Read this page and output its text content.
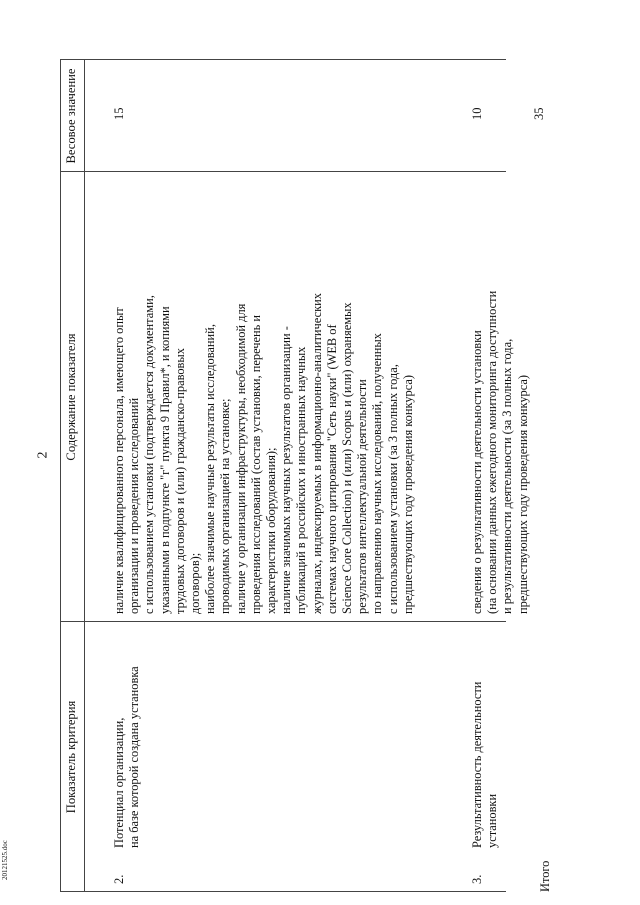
2
20121525.doc
Показатель критерия
Содержание показателя
Весовое значение
2.
Потенциал организации,
на базе которой создана установка
наличие квалифицированного персонала, имеющего опыт
организации и проведения исследований
с использованием установки (подтверждается документами,
указанными в подпункте "г" пункта 9 Правил*, и копиями
трудовых договоров и (или) гражданско-правовых
договоров);
наиболее значимые научные результаты исследований,
проводимых организацией на установке;
наличие у организации инфраструктуры, необходимой для
проведения исследований (состав установки, перечень и
характеристики оборудования);
наличие значимых научных результатов организации -
публикаций в российских и иностранных научных
журналах, индексируемых в информационно-аналитических
системах научного цитирования "Сеть науки" (WEB of
Science Core Collection) и (или) Scopus и (или) охраняемых
результатов интеллектуальной деятельности
по направлению научных исследований, полученных
с использованием установки (за 3 полных года,
предшествующих году проведения конкурса)
15
3.
Результативность деятельности
установки
сведения о результативности деятельности установки
(на основании данных ежегодного мониторинга доступности
и результативности деятельности (за 3 полных года,
предшествующих году проведения конкурса)
10
Итого
35
